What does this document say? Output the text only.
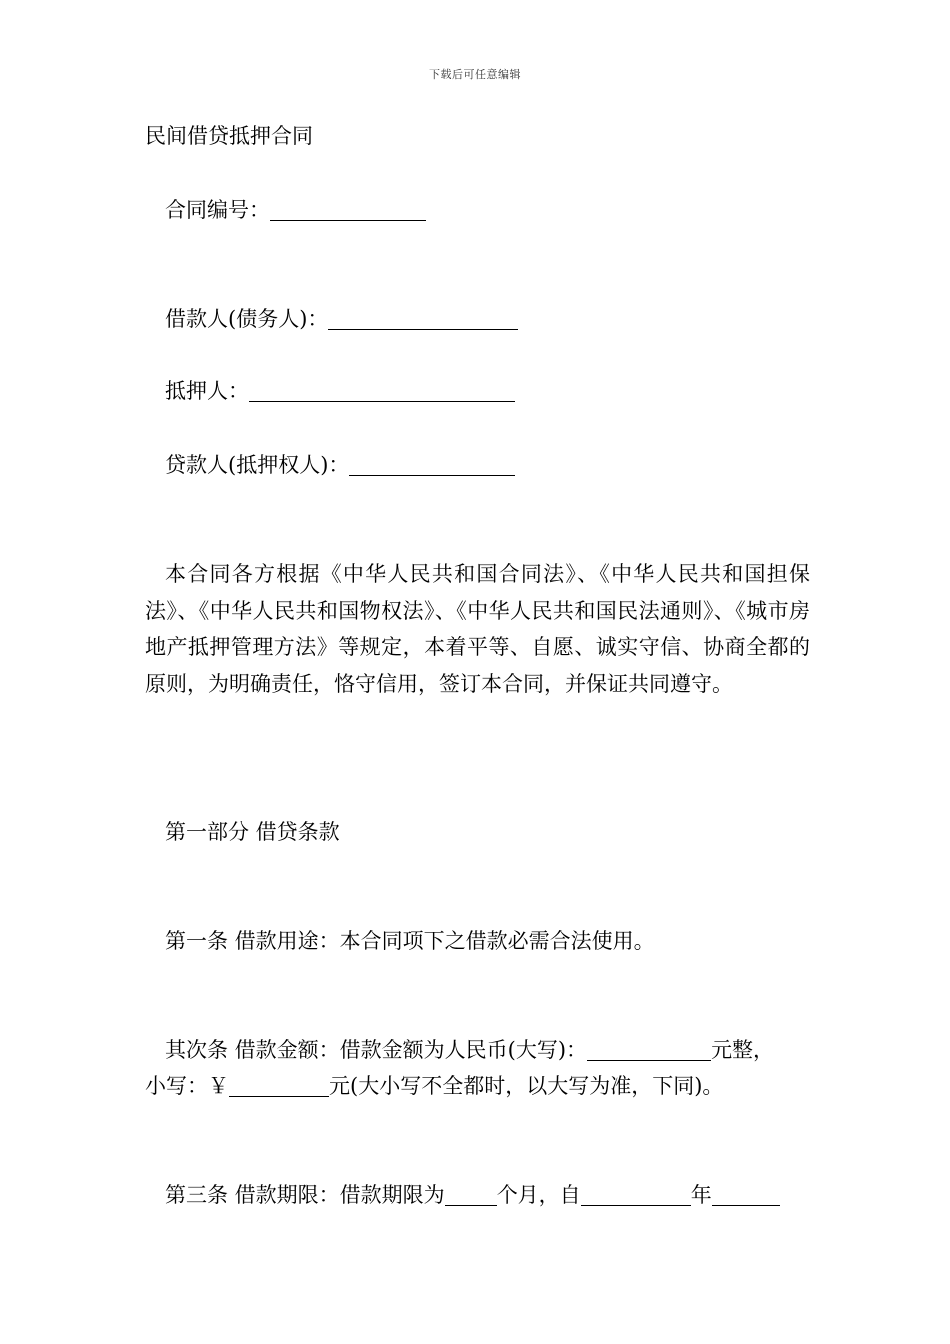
下载后可任意编辑
民间借贷抵押合同
合同编号：
借款人(债务人)：
抵押人：
贷款人(抵押权人)：
本合同各方根据《中华人民共和国合同法》、《中华人民共和国担保法》、《中华人民共和国物权法》、《中华人民共和国民法通则》、《城市房地产抵押管理方法》等规定，本着平等、自愿、诚实守信、协商全都的原则，为明确责任，恪守信用，签订本合同，并保证共同遵守。
第一部分 借贷条款
第一条 借款用途：本合同项下之借款必需合法使用。
其次条 借款金额：借款金额为人民币(大写)：	元整，
小写：￥	元(大小写不全都时，以大写为准，下同)。
第三条 借款期限：借款期限为 个月，自	年
